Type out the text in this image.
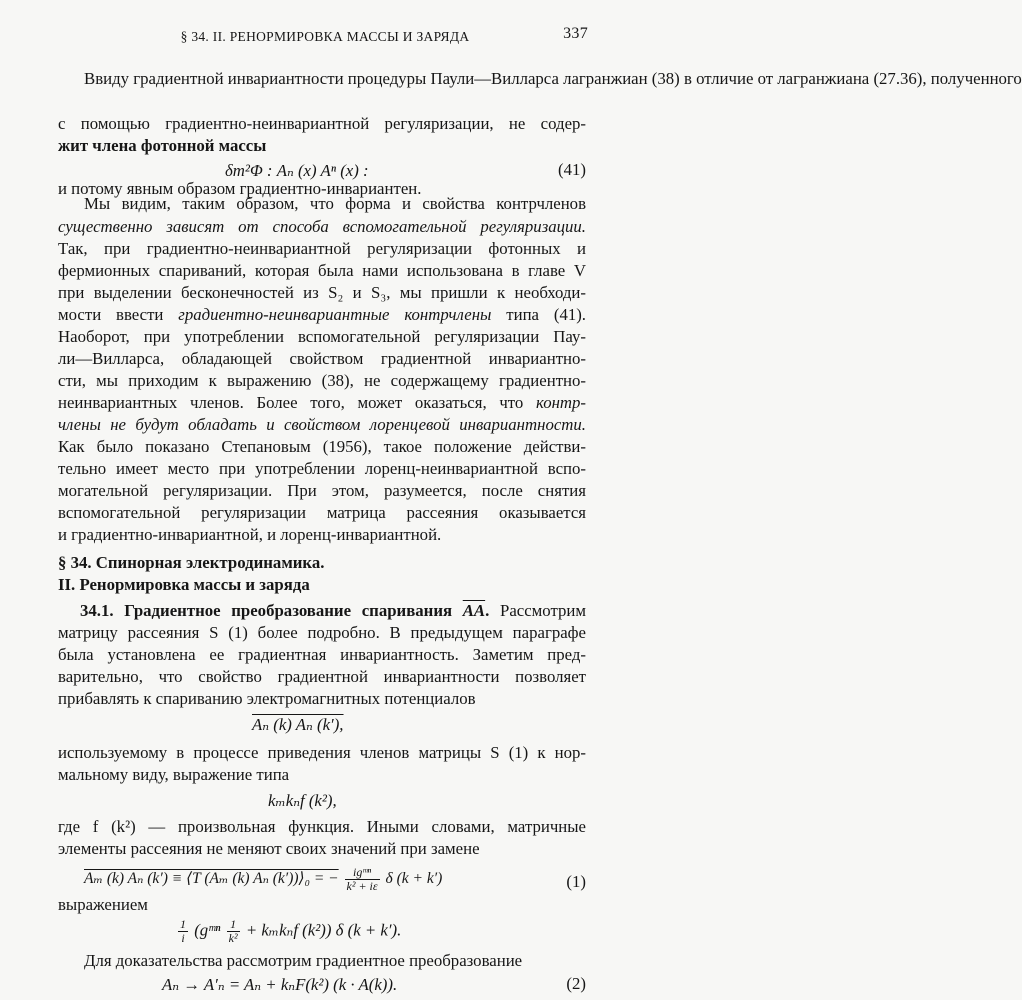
§ 34. II. РЕНОРМИРОВКА МАССЫ И ЗАРЯДА	337
Ввиду градиентной инвариантности процедуры Паули—Вилларса лагранжиан (38) в отличие от лагранжиана (27.36), полученного
с помощью градиентно-неинвариантной регуляризации, не содер-
жит члена фотонной массы
δm²Φ : Aₙ (x) Aⁿ (x) :	(41)
и потому явным образом градиентно-инвариантен.
Мы видим, таким образом, что форма и свойства контрчленов
существенно зависят от способа вспомогательной регуляризации.
Так, при градиентно-неинвариантной регуляризации фотонных и
фермионных спариваний, которая была нами использована в главе V
при выделении бесконечностей из S₂ и S₃, мы пришли к необходи-
мости ввести градиентно-неинвариантные контрчлены типа (41).
Наоборот, при употреблении вспомогательной регуляризации Пау-
ли—Вилларса, обладающей свойством градиентной инвариантно-
сти, мы приходим к выражению (38), не содержащему градиентно-
неинвариантных членов. Более того, может оказаться, что контр-
члены не будут обладать и свойством лоренцевой инвариантности.
Как было показано Степановым (1956), такое положение действи-
тельно имеет место при употреблении лоренц-неинвариантной вспо-
могательной регуляризации. При этом, разумеется, после снятия
вспомогательной регуляризации матрица рассеяния оказывается
и градиентно-инвариантной, и лоренц-инвариантной.
§ 34. Спинорная электродинамика.
II. Ренормировка массы и заряда
34.1. Градиентное преобразование спаривания $\overline{AA}$. Рассмотрим
матрицу рассеяния S (1) более подробно. В предыдущем параграфе
была установлена ее градиентная инвариантность. Заметим пред-
варительно, что свойство градиентной инвариантности позволяет
прибавлять к спариванию электромагнитных потенциалов
Aₙ (k) Aₙ (k′),
используемому в процессе приведения членов матрицы S (1) к нор-
мальному виду, выражение типа
kₘkₙf (k²),
где f (k²) — произвольная функция. Иными словами, матричные
элементы рассеяния не меняют своих значений при замене
Aₘ (k) Aₙ (k′) ≡ ⟨T (Aₘ (k) Aₙ (k′))⟩₀ = − $\frac{\text{igᵐⁿ}}{\text{k² + iε}}$ δ (k + k′)	(1)
выражением
$\frac{1}{i}$ (gᵐⁿ $\frac{1}{\text{k²}} + k_mk_nf$ (k²)) δ (k + k′).
Для доказательства рассмотрим градиентное преобразование
Aₙ → A′ₙ = Aₙ + kₙF(k²) (k · A(k)).	(2)
